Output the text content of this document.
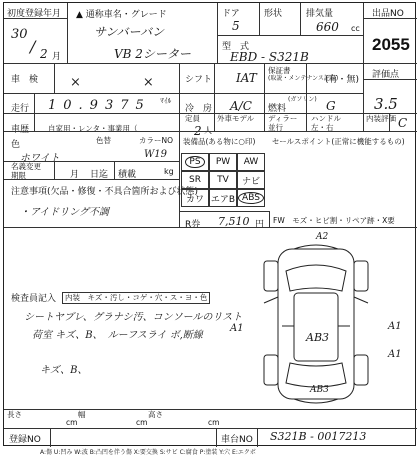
初度登録年月
30
/ 2 月
▲ 通称車名・グレード
サンバーバン
VB 2シーター
ドア
5
形状	排気量
660 cc
型　式
EBD - S321B
出品NO
2055
車　検 ×　　× シフト IAT
保証書
(取説・メンテナンス記録)
(有・無) 評価点
3.5
走行 10.9375 ﾏｲﾙ
冷　房 A/C 燃料
(ガソリン) G
車歴	自家用・レンタ・事業用（
定員
2 人
外車モデル ディラー
並行
ハンドル
左・右
内装評価 C
色
ホワイト
色替	カラーNO
W19
名義変更
期限	月 日迄 積載	kg
注意事項(欠品・修復・不具合箇所および状態)
・アイドリング不調
装備品(ある物に○印)
PS	PW	AW
SR	TV	ナビ
カワ エアB ABS
セールスポイント(正常に機能するもの)
R券 7,510 円 FW　モズ・ヒビ割・リペア跡・X要
検査員記入	内装　キズ・汚し・コゲ・穴・ス・ヨ・色
シートヤブレ、グラナシ汚、コンソールのリスト
荷室 キズ、B、　ルーフスライ ボ,断線
キズ、B、
A2
A1	A1
A1
AB3
AB3
長さ
cm
幅
cm
高さ
cm
登録NO	車台NO S321B - 0017213
A:傷 U:凹み W:波 B:凸凹を伴う傷 X:要交換 S:サビ C:腐食 P:塗装 Y:穴 E:エクボ
